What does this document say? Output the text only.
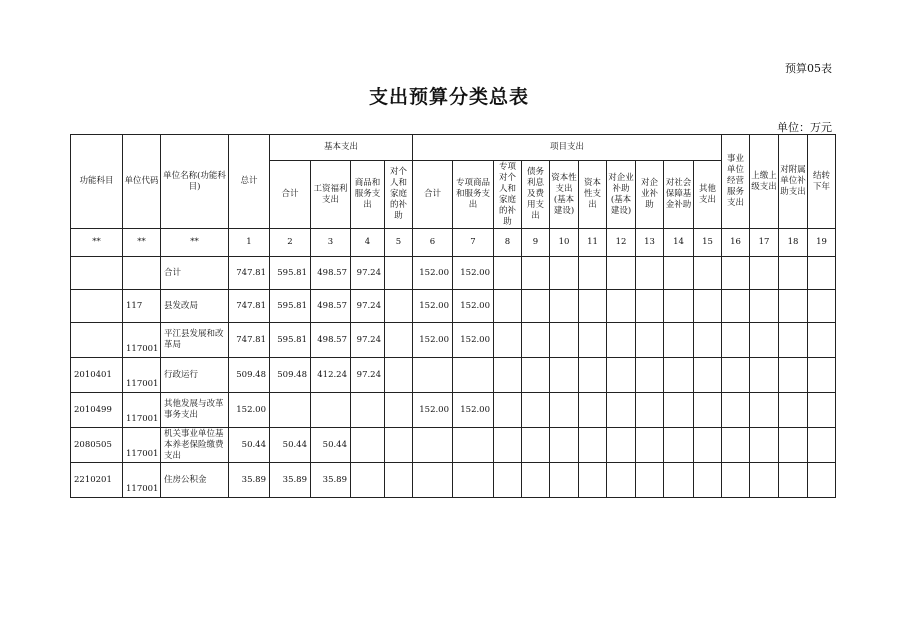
预算05表
支出预算分类总表
单位：万元
功能科目	单位代码	单位名称(功能科目)	总计	基本支出				项目支出										事业单位经营服务支出	上缴上级支出	对附属单位补助支出	结转下年
				合计	工资福利支出	商品和服务支出	对个人和家庭的补助	合计	专项商品和服务支出	专项对个人和家庭的补助	债务利息及费用支出	资本性支出(基本建设)	资本性支出	对企业补助(基本建设)	对企业补助	对社会保障基金补助	其他支出				
**	**	**	1	2	3	4	5	6	7	8	9	10	11	12	13	14	15	16	17	18	19
		合计	747.81	595.81	498.57	97.24		152.00	152.00												
	117	县发改局	747.81	595.81	498.57	97.24		152.00	152.00												
	117001	平江县发展和改革局	747.81	595.81	498.57	97.24		152.00	152.00												
2010401	117001	行政运行	509.48	509.48	412.24	97.24															
2010499	117001	其他发展与改革事务支出	152.00					152.00	152.00												
2080505	117001	机关事业单位基本养老保险缴费支出	50.44	50.44	50.44																
2210201	117001	住房公积金	35.89	35.89	35.89																
